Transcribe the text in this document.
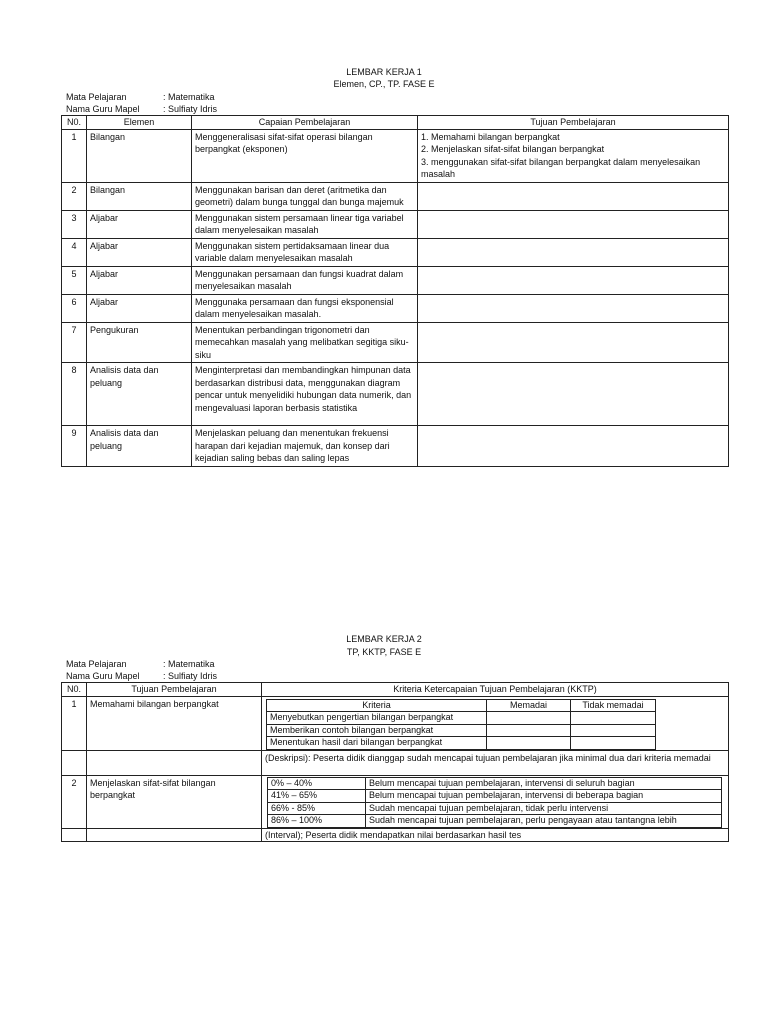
LEMBAR KERJA 1
Elemen, CP., TP. FASE E
Mata Pelajaran	: Matematika
Nama Guru Mapel	: Sulfiaty Idris
N0.	Elemen	Capaian Pembelajaran	Tujuan Pembelajaran
1	Bilangan	Menggeneralisasi sifat-sifat operasi bilangan berpangkat (eksponen)	1. Memahami bilangan berpangkat
2. Menjelaskan sifat-sifat bilangan berpangkat
3. menggunakan sifat-sifat bilangan berpangkat dalam menyelesaikan masalah

2	Bilangan	Menggunakan barisan dan deret (aritmetika dan geometri) dalam bunga tunggal dan bunga majemuk	
3	Aljabar	Menggunakan sistem persamaan linear tiga variabel dalam menyelesaikan masalah	
4	Aljabar	Menggunakan sistem pertidaksamaan linear dua variable dalam menyelesaikan masalah	
5	Aljabar	Menggunakan persamaan dan fungsi kuadrat dalam menyelesaikan masalah	
6	Aljabar	Menggunaka persamaan dan fungsi eksponensial dalam menyelesaikan masalah.	
7	Pengukuran	Menentukan perbandingan trigonometri dan memecahkan masalah yang melibatkan segitiga siku-siku	
8	Analisis data dan peluang	Menginterpretasi dan membandingkan himpunan data berdasarkan distribusi data, menggunakan diagram pencar untuk menyelidiki hubungan data numerik, dan mengevaluasi laporan berbasis statistika	
9	Analisis data dan peluang	Menjelaskan peluang dan menentukan frekuensi harapan dari kejadian majemuk, dan konsep dari kejadian saling bebas dan saling lepas	
LEMBAR KERJA 2
TP, KKTP, FASE E
Mata Pelajaran	: Matematika
Nama Guru Mapel	: Sulfiaty Idris
N0.	Tujuan Pembelajaran	Kriteria Ketercapaian Tujuan Pembelajaran (KKTP)
1	Memahami bilangan berpangkat		Kriteria	Memadai	Tidak memadai
Menyebutkan pengertian bilangan berpangkat		
Memberikan contoh bilangan berpangkat		
Menentukan hasil dari bilangan berpangkat		

		(Deskripsi): Peserta didik dianggap sudah mencapai tujuan pembelajaran jika minimal dua dari kriteria memadai
2	Menjelaskan sifat-sifat bilangan berpangkat	
0% – 40%	Belum mencapai tujuan pembelajaran, intervensi di seluruh bagian
41% – 65%	Belum mencapai tujuan pembelajaran, intervensi di beberapa bagian
66% - 85%	Sudah mencapai tujuan pembelajaran, tidak perlu intervensi
86% – 100%	Sudah mencapai tujuan pembelajaran, perlu pengayaan atau tantangna lebih

		(Interval); Peserta didik mendapatkan nilai berdasarkan hasil tes
